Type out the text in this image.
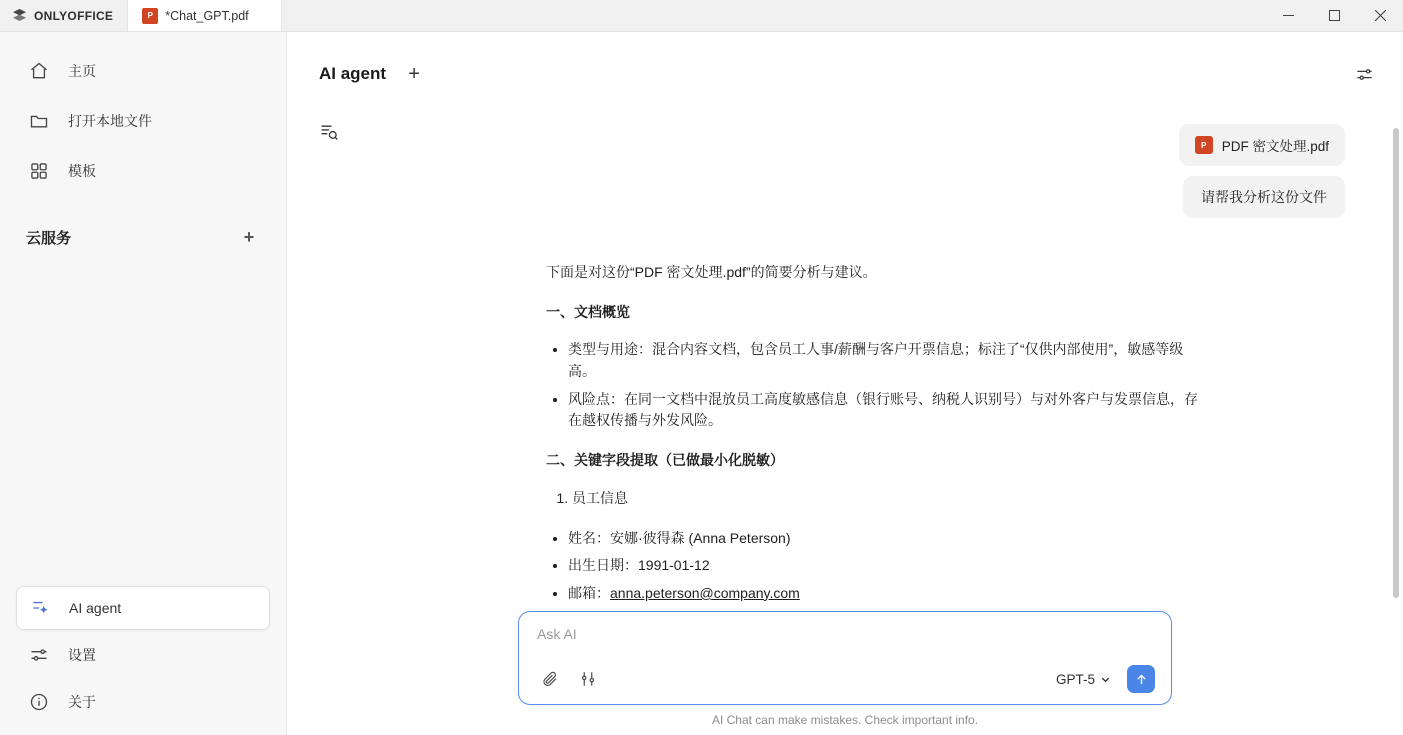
ONLYOFFICE	P *Chat_GPT.pdf
主页
打开本地文件
模板
云服务	+
AI agent
设置
关于
AI agent	+
P	PDF 密文处理.pdf
请帮我分析这份文件

下面是对这份“PDF 密文处理.pdf”的简要分析与建议。

一、文档概览
• 类型与用途：混合内容文档，包含员工人事/薪酬与客户开票信息；标注了“仅供内部使用”，敏感等级高。
• 风险点：在同一文档中混放员工高度敏感信息（银行账号、纳税人识别号）与对外客户与发票信息，存在越权传播与外发风险。
二、关键字段提取（已做最小化脱敏）
1. 员工信息
• 姓名：安娜·彼得森 (Anna Peterson)
• 出生日期：1991-01-12
• 邮箱：anna.peterson@company.com
•
Ask AI
GPT-5
AI Chat can make mistakes. Check important info.
